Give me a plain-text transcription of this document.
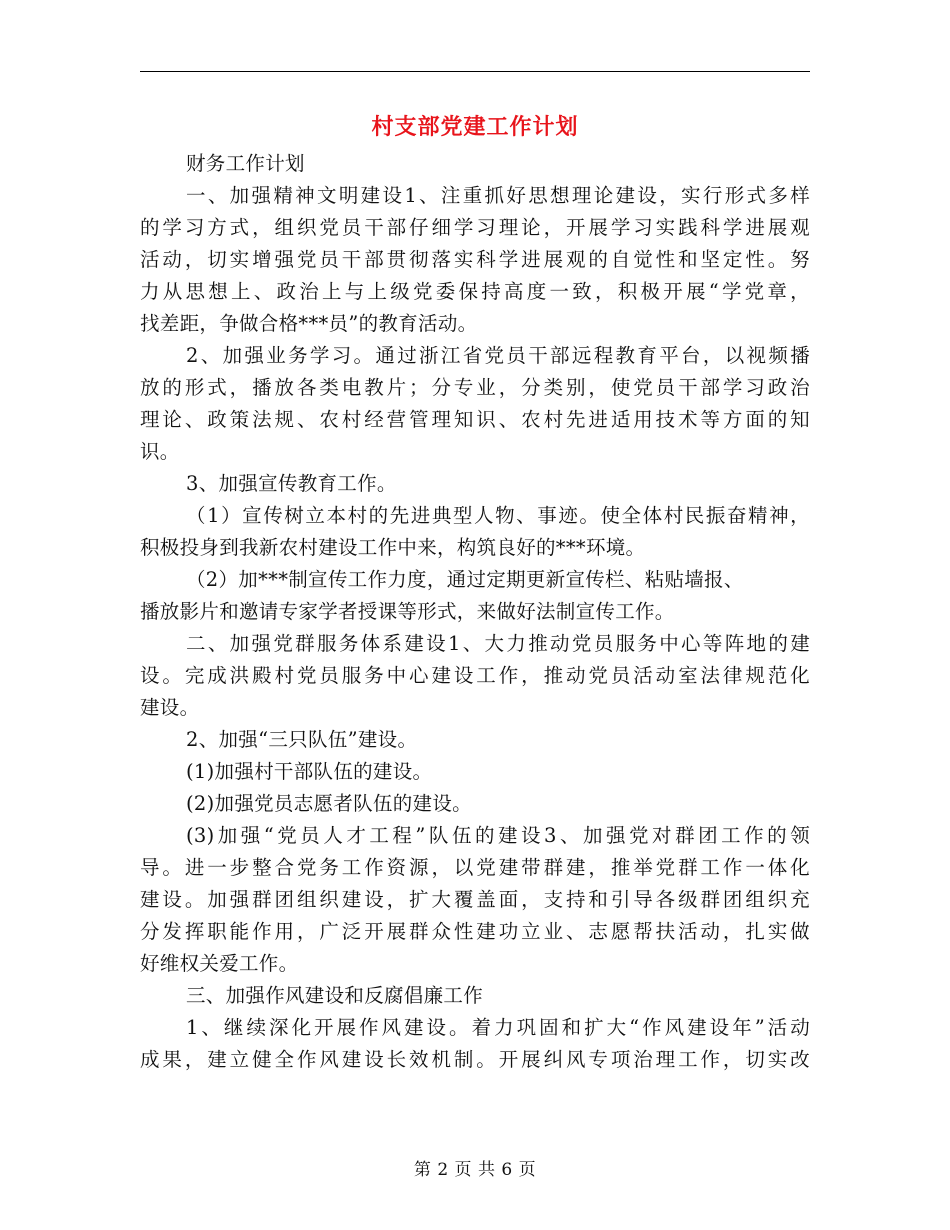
村支部党建工作计划
财务工作计划
一、加强精神文明建设1、注重抓好思想理论建设，实行形式多样
的学习方式，组织党员干部仔细学习理论，开展学习实践科学进展观
活动，切实增强党员干部贯彻落实科学进展观的自觉性和坚定性。努
力从思想上、政治上与上级党委保持高度一致，积极开展“学党章，
找差距，争做合格***员”的教育活动。
2、加强业务学习。通过浙江省党员干部远程教育平台，以视频播
放的形式，播放各类电教片；分专业，分类别，使党员干部学习政治
理论、政策法规、农村经营管理知识、农村先进适用技术等方面的知
识。
3、加强宣传教育工作。
（1）宣传树立本村的先进典型人物、事迹。使全体村民振奋精神，
积极投身到我新农村建设工作中来，构筑良好的***环境。
（2）加***制宣传工作力度，通过定期更新宣传栏、粘贴墙报、
播放影片和邀请专家学者授课等形式，来做好法制宣传工作。
二、加强党群服务体系建设1、大力推动党员服务中心等阵地的建
设。完成洪殿村党员服务中心建设工作，推动党员活动室法律规范化
建设。
2、加强“三只队伍”建设。
(1)加强村干部队伍的建设。
(2)加强党员志愿者队伍的建设。
(3)加强“党员人才工程”队伍的建设3、加强党对群团工作的领
导。进一步整合党务工作资源，以党建带群建，推举党群工作一体化
建设。加强群团组织建设，扩大覆盖面，支持和引导各级群团组织充
分发挥职能作用，广泛开展群众性建功立业、志愿帮扶活动，扎实做
好维权关爱工作。
三、加强作风建设和反腐倡廉工作
1、继续深化开展作风建设。着力巩固和扩大“作风建设年”活动
成果，建立健全作风建设长效机制。开展纠风专项治理工作，切实改
第 2 页 共 6 页
